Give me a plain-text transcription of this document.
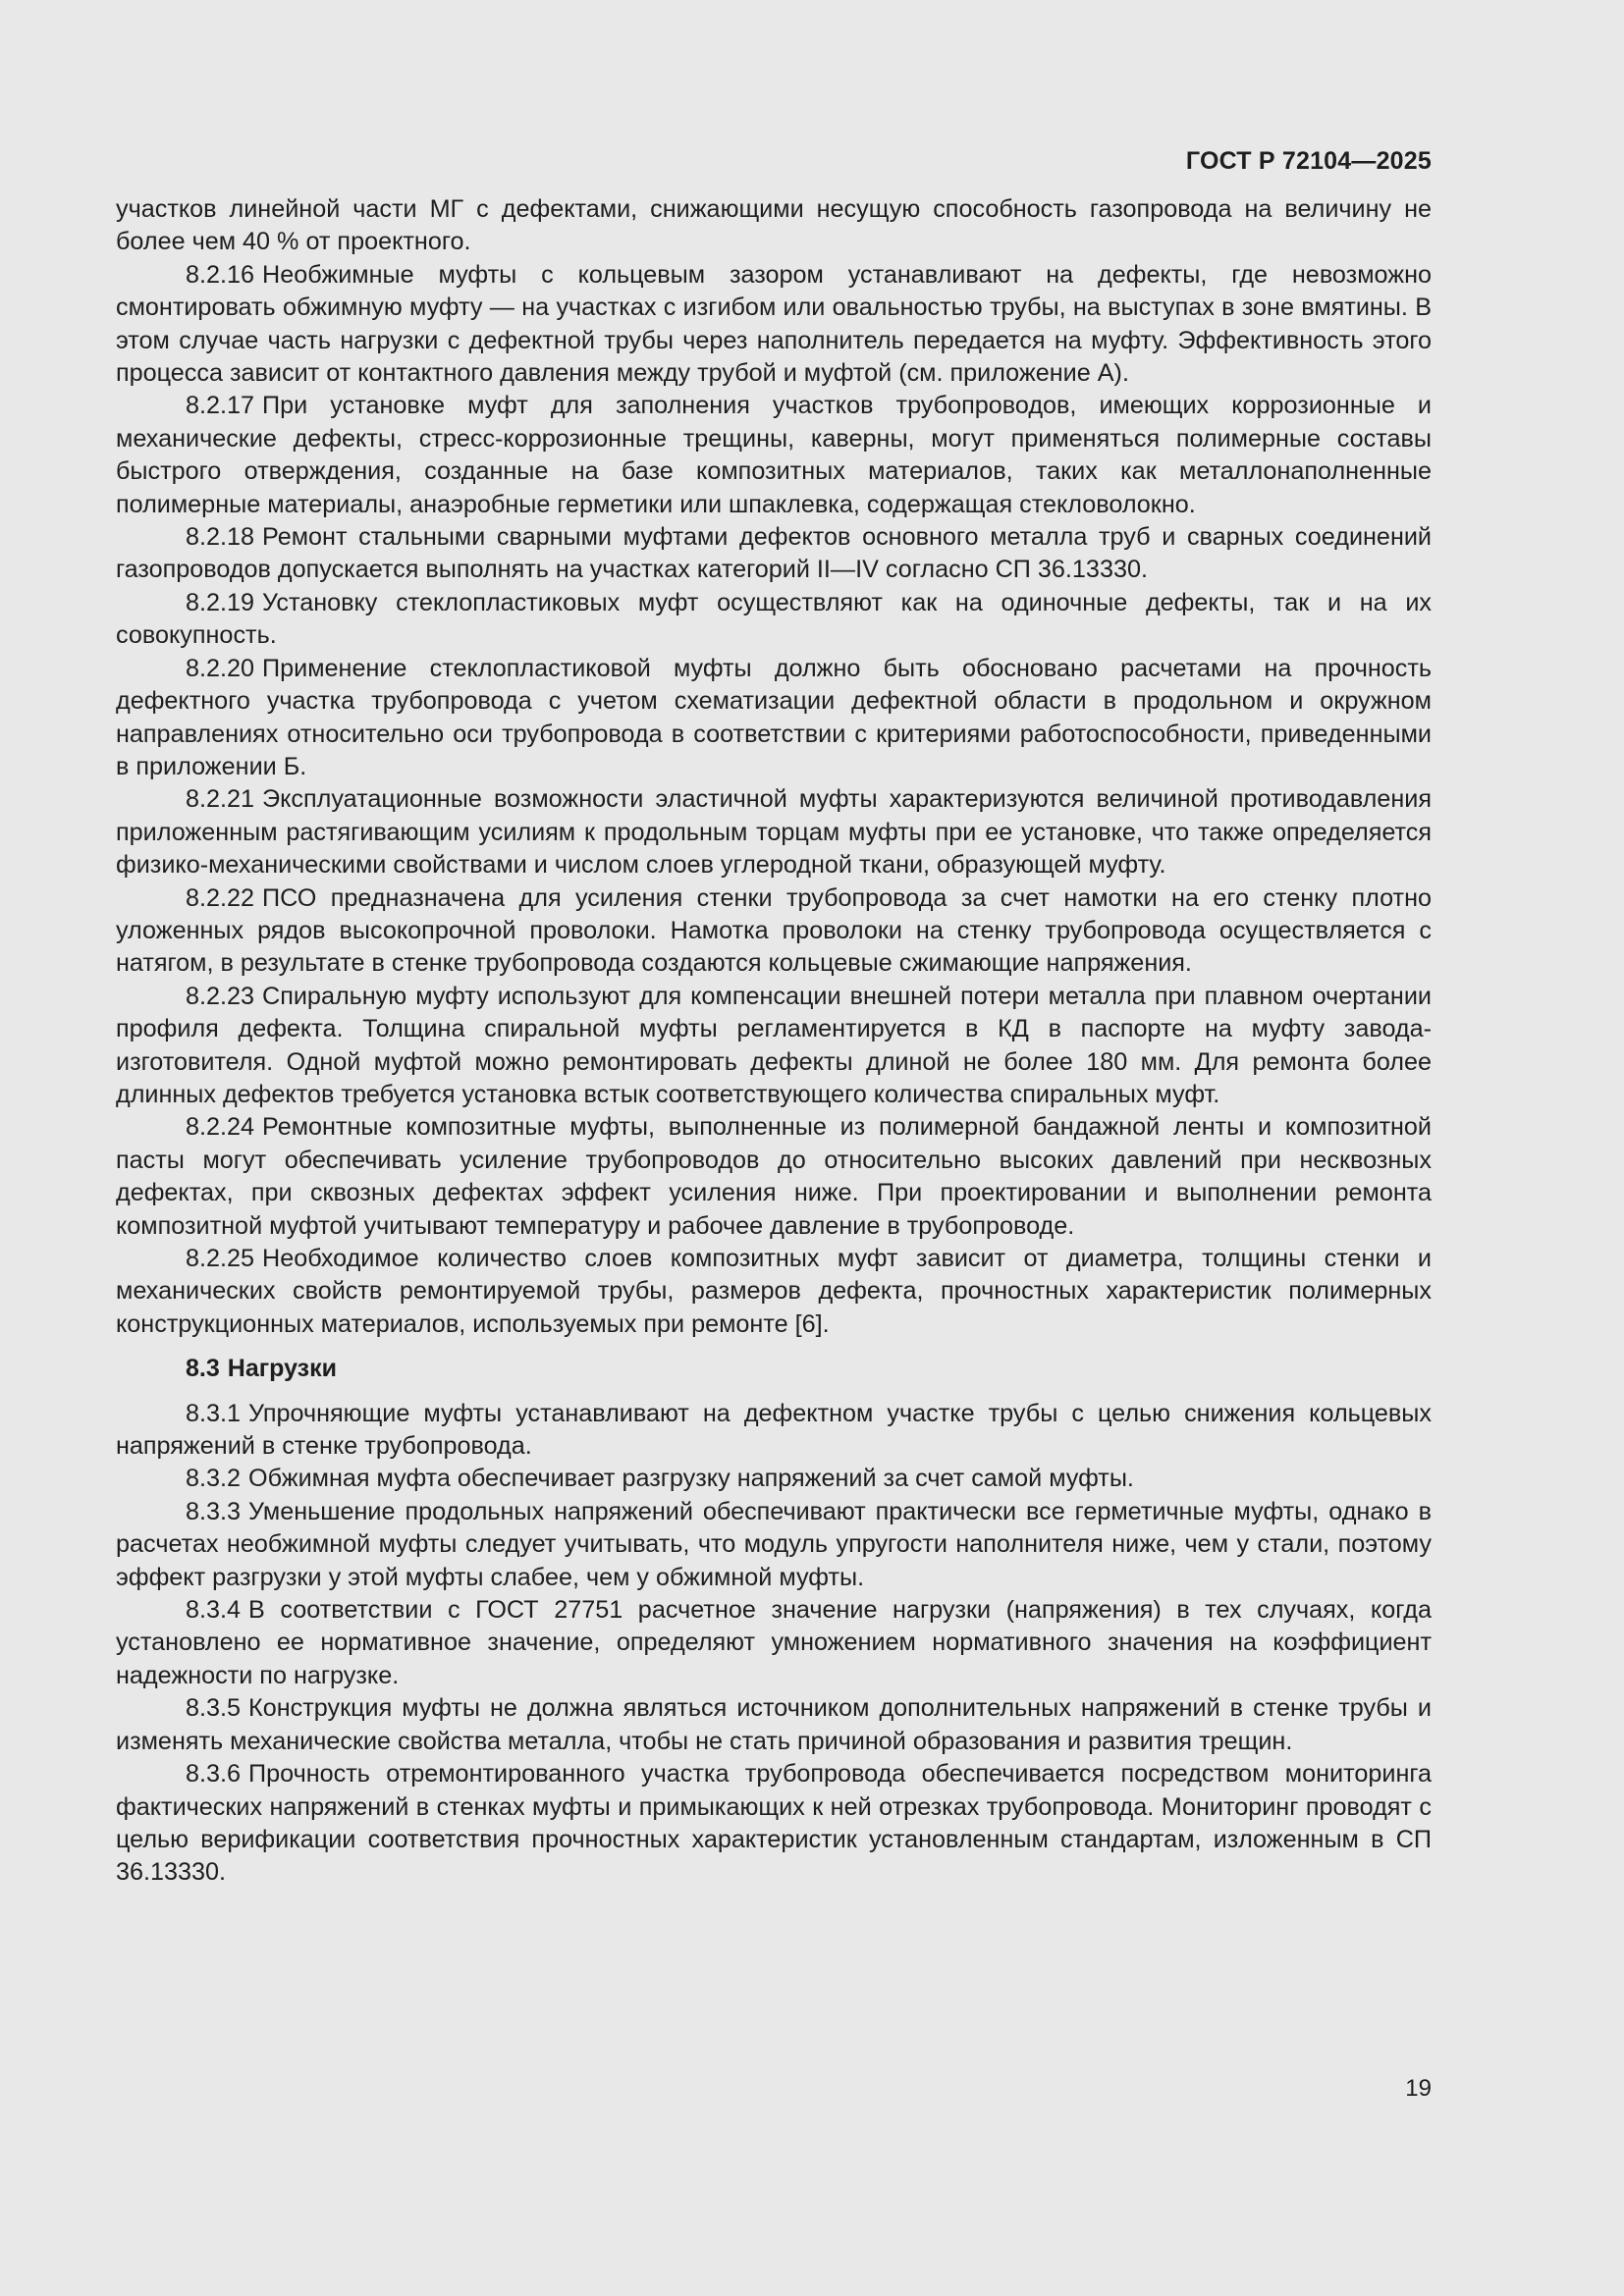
ГОСТ Р 72104—2025

участков линейной части МГ с дефектами, снижающими несущую способность газопровода на величину не более чем 40 % от проектного.

8.2.16 Необжимные муфты с кольцевым зазором устанавливают на дефекты, где невозможно смонтировать обжимную муфту — на участках с изгибом или овальностью трубы, на выступах в зоне вмятины. В этом случае часть нагрузки с дефектной трубы через наполнитель передается на муфту. Эффективность этого процесса зависит от контактного давления между трубой и муфтой (см. приложение А).

8.2.17 При установке муфт для заполнения участков трубопроводов, имеющих коррозионные и механические дефекты, стресс-коррозионные трещины, каверны, могут применяться полимерные составы быстрого отверждения, созданные на базе композитных материалов, таких как металлонаполненные полимерные материалы, анаэробные герметики или шпаклевка, содержащая стекловолокно.

8.2.18 Ремонт стальными сварными муфтами дефектов основного металла труб и сварных соединений газопроводов допускается выполнять на участках категорий II—IV согласно СП 36.13330.

8.2.19 Установку стеклопластиковых муфт осуществляют как на одиночные дефекты, так и на их совокупность.

8.2.20 Применение стеклопластиковой муфты должно быть обосновано расчетами на прочность дефектного участка трубопровода с учетом схематизации дефектной области в продольном и окружном направлениях относительно оси трубопровода в соответствии с критериями работоспособности, приведенными в приложении Б.

8.2.21 Эксплуатационные возможности эластичной муфты характеризуются величиной противодавления приложенным растягивающим усилиям к продольным торцам муфты при ее установке, что также определяется физико-механическими свойствами и числом слоев углеродной ткани, образующей муфту.

8.2.22 ПСО предназначена для усиления стенки трубопровода за счет намотки на его стенку плотно уложенных рядов высокопрочной проволоки. Намотка проволоки на стенку трубопровода осуществляется с натягом, в результате в стенке трубопровода создаются кольцевые сжимающие напряжения.

8.2.23 Спиральную муфту используют для компенсации внешней потери металла при плавном очертании профиля дефекта. Толщина спиральной муфты регламентируется в КД в паспорте на муфту завода-изготовителя. Одной муфтой можно ремонтировать дефекты длиной не более 180 мм. Для ремонта более длинных дефектов требуется установка встык соответствующего количества спиральных муфт.

8.2.24 Ремонтные композитные муфты, выполненные из полимерной бандажной ленты и композитной пасты могут обеспечивать усиление трубопроводов до относительно высоких давлений при несквозных дефектах, при сквозных дефектах эффект усиления ниже. При проектировании и выполнении ремонта композитной муфтой учитывают температуру и рабочее давление в трубопроводе.

8.2.25 Необходимое количество слоев композитных муфт зависит от диаметра, толщины стенки и механических свойств ремонтируемой трубы, размеров дефекта, прочностных характеристик полимерных конструкционных материалов, используемых при ремонте [6].

8.3 Нагрузки

8.3.1 Упрочняющие муфты устанавливают на дефектном участке трубы с целью снижения кольцевых напряжений в стенке трубопровода.

8.3.2 Обжимная муфта обеспечивает разгрузку напряжений за счет самой муфты.

8.3.3 Уменьшение продольных напряжений обеспечивают практически все герметичные муфты, однако в расчетах необжимной муфты следует учитывать, что модуль упругости наполнителя ниже, чем у стали, поэтому эффект разгрузки у этой муфты слабее, чем у обжимной муфты.

8.3.4 В соответствии с ГОСТ 27751 расчетное значение нагрузки (напряжения) в тех случаях, когда установлено ее нормативное значение, определяют умножением нормативного значения на коэффициент надежности по нагрузке.

8.3.5 Конструкция муфты не должна являться источником дополнительных напряжений в стенке трубы и изменять механические свойства металла, чтобы не стать причиной образования и развития трещин.

8.3.6 Прочность отремонтированного участка трубопровода обеспечивается посредством мониторинга фактических напряжений в стенках муфты и примыкающих к ней отрезках трубопровода. Мониторинг проводят с целью верификации соответствия прочностных характеристик установленным стандартам, изложенным в СП 36.13330.

19
